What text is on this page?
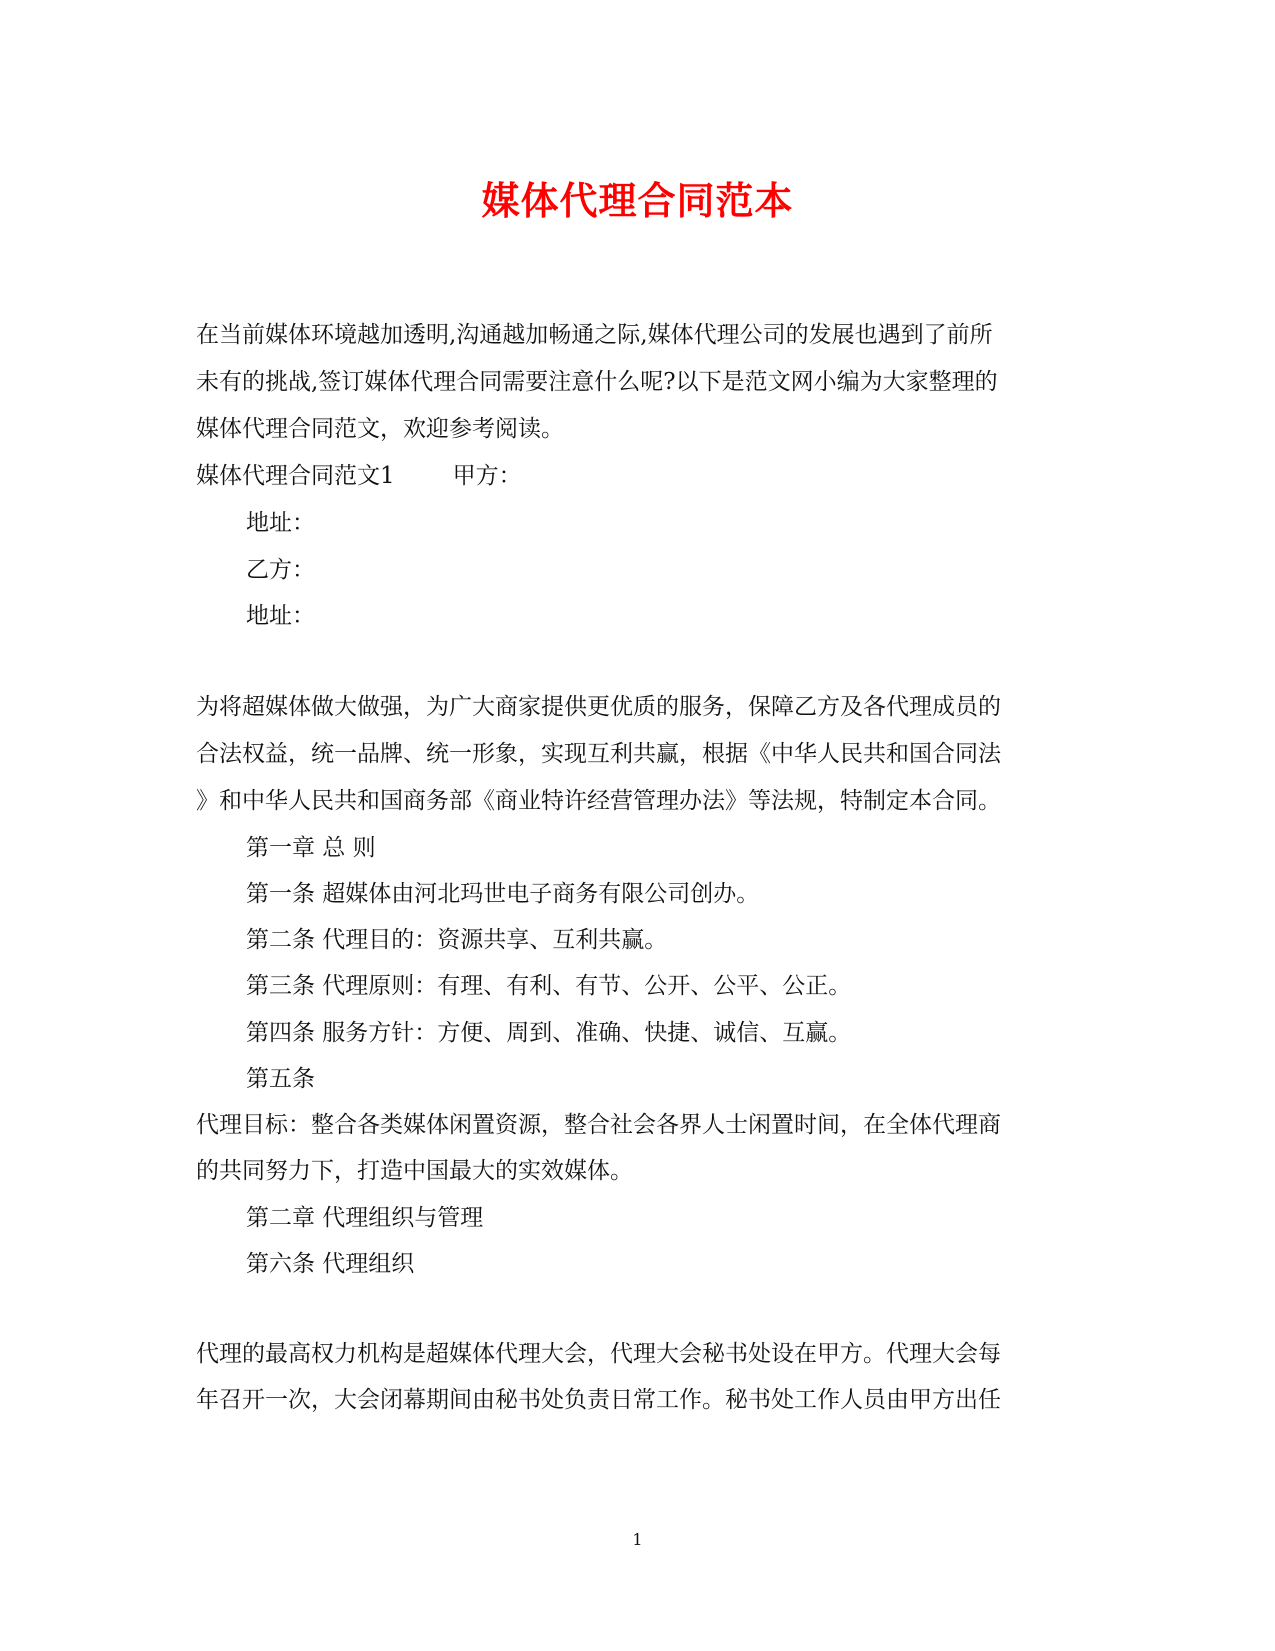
媒体代理合同范本
在当前媒体环境越加透明,沟通越加畅通之际,媒体代理公司的发展也遇到了前所
未有的挑战,签订媒体代理合同需要注意什么呢?以下是范文网小编为大家整理的
媒体代理合同范文，欢迎参考阅读。
媒体代理合同范文1	甲方：
地址：
乙方：
地址：
为将超媒体做大做强，为广大商家提供更优质的服务，保障乙方及各代理成员的
合法权益，统一品牌、统一形象，实现互利共赢，根据《中华人民共和国合同法
》和中华人民共和国商务部《商业特许经营管理办法》等法规，特制定本合同。
第一章 总 则
第一条 超媒体由河北玛世电子商务有限公司创办。
第二条 代理目的：资源共享、互利共赢。
第三条 代理原则：有理、有利、有节、公开、公平、公正。
第四条 服务方针：方便、周到、准确、快捷、诚信、互赢。
第五条
代理目标：整合各类媒体闲置资源，整合社会各界人士闲置时间，在全体代理商
的共同努力下，打造中国最大的实效媒体。
第二章 代理组织与管理
第六条 代理组织
代理的最高权力机构是超媒体代理大会，代理大会秘书处设在甲方。代理大会每
年召开一次，大会闭幕期间由秘书处负责日常工作。秘书处工作人员由甲方出任
1
